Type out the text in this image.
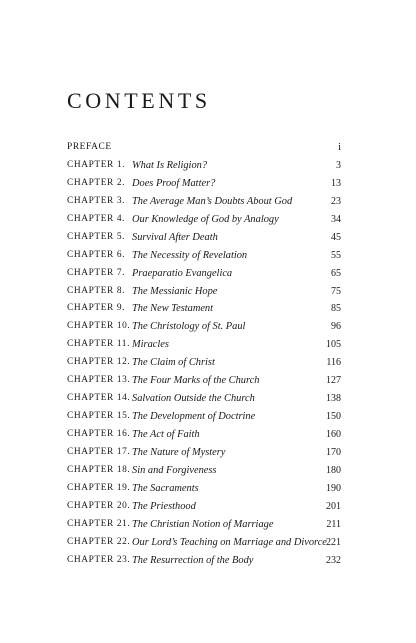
CONTENTS
PREFACE	i
CHAPTER 1. What Is Religion?	3
CHAPTER 2. Does Proof Matter?	13
CHAPTER 3. The Average Man’s Doubts About God	23
CHAPTER 4. Our Knowledge of God by Analogy	34
CHAPTER 5. Survival After Death	45
CHAPTER 6. The Necessity of Revelation	55
CHAPTER 7. Praeparatio Evangelica	65
CHAPTER 8. The Messianic Hope	75
CHAPTER 9. The New Testament	85
CHAPTER 10. The Christology of St. Paul	96
CHAPTER 11. Miracles	105
CHAPTER 12. The Claim of Christ	116
CHAPTER 13. The Four Marks of the Church	127
CHAPTER 14. Salvation Outside the Church	138
CHAPTER 15. The Development of Doctrine	150
CHAPTER 16. The Act of Faith	160
CHAPTER 17. The Nature of Mystery	170
CHAPTER 18. Sin and Forgiveness	180
CHAPTER 19. The Sacraments	190
CHAPTER 20. The Priesthood	201
CHAPTER 21. The Christian Notion of Marriage	211
CHAPTER 22. Our Lord’s Teaching on Marriage and Divorce 221
CHAPTER 23. The Resurrection of the Body	232
